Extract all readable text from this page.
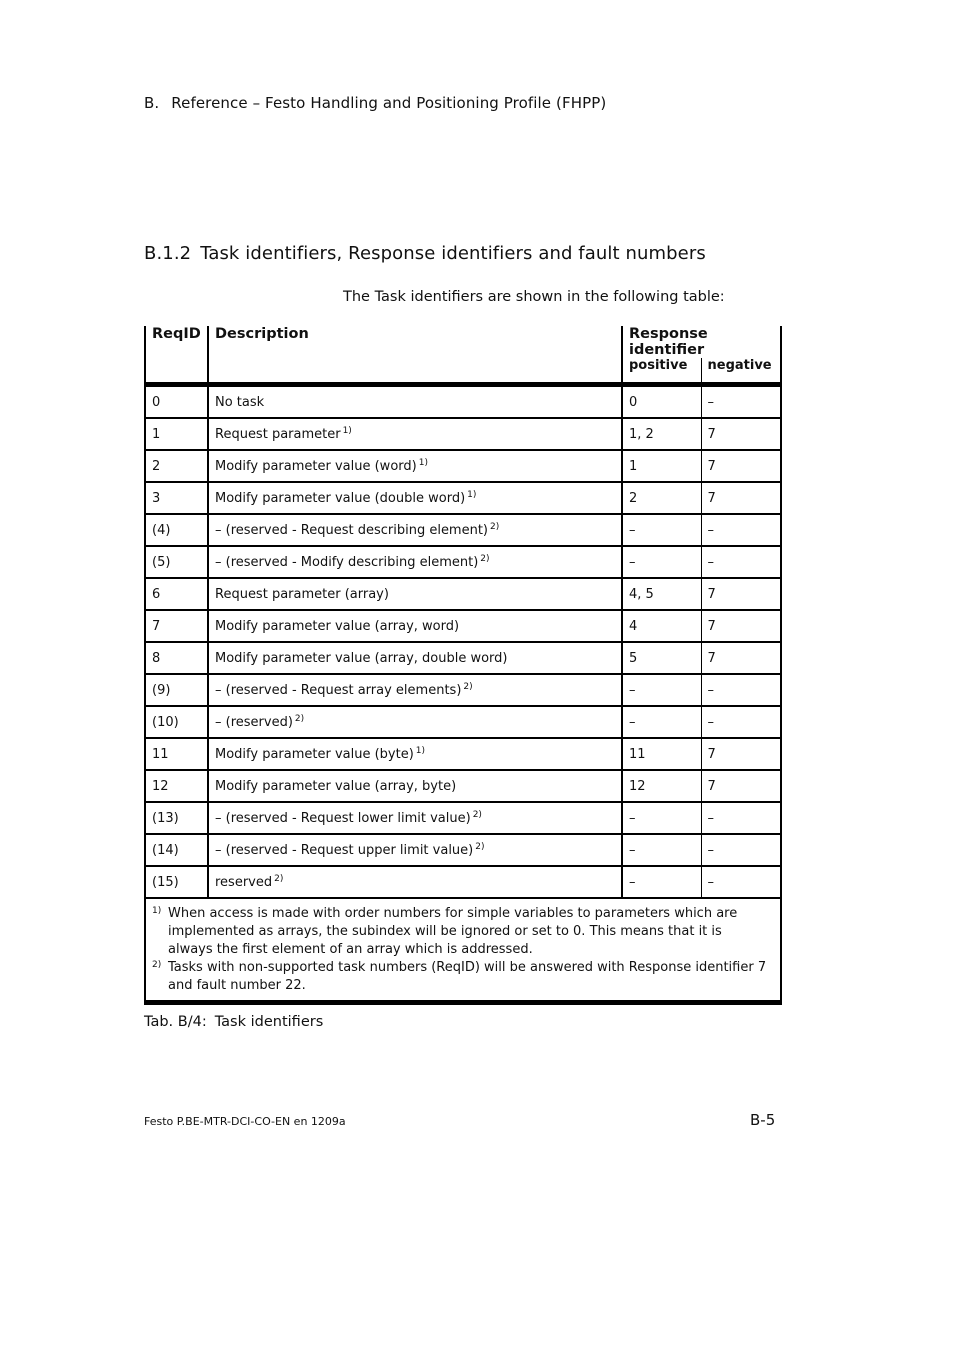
B. Reference – Festo Handling and Positioning Profile (FHPP)
B.1.2 Task identifiers, Response identifiers and fault numbers
The Task identifiers are shown in the following table:
ReqID	Description	Response identifier	
		positive	negative

0	No task	0	–
1	Request parameter $^{1)}$	1, 2	7
2	Modify parameter value (word) $^{1)}$	1	7
3	Modify parameter value (double word) $^{1)}$	2	7
(4)	– (reserved - Request describing element) $^{2)}$	–	–
(5)	– (reserved - Modify describing element) $^{2)}$	–	–
6	Request parameter (array)	4, 5	7
7	Modify parameter value (array, word)	4	7
8	Modify parameter value (array, double word)	5	7
(9)	– (reserved - Request array elements) $^{2)}$	–	–
(10)	– (reserved) $^{2)}$	–	–
11	Modify parameter value (byte) $^{1)}$	11	7
12	Modify parameter value (array, byte)	12	7
(13)	– (reserved - Request lower limit value) $^{2)}$	–	–
(14)	– (reserved - Request upper limit value) $^{2)}$	–	–
(15)	reserved $^{2)}$	–	–

1) When access is made with order numbers for simple variables to parameters which are implemented as arrays, the subindex will be ignored or set to 0. This means that it is always the first element of an array which is addressed.
2) Tasks with non-supported task numbers (ReqID) will be answered with Response identifier 7 and fault number 22.			
Tab. B/4: Task identifiers
Festo P.BE-MTR-DCI-CO-EN en 1209a	B-5
